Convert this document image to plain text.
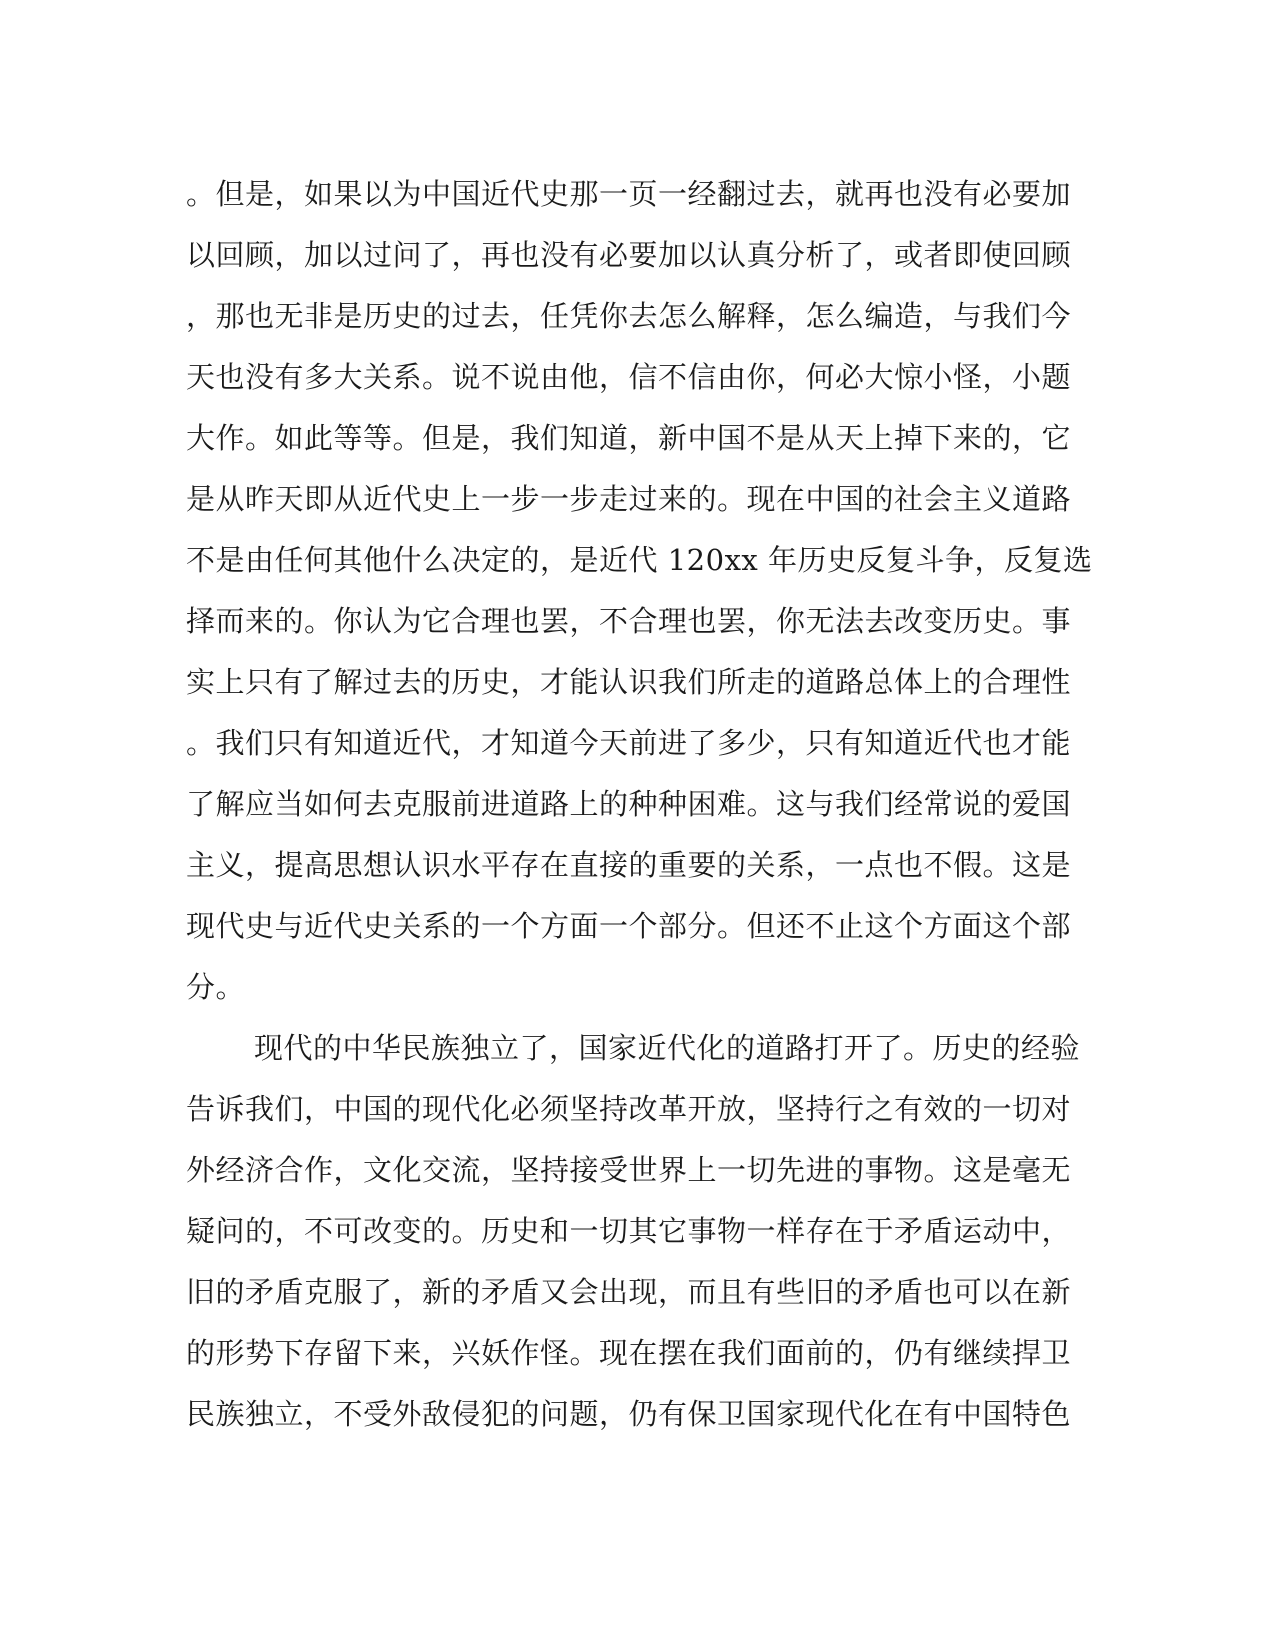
。但是，如果以为中国近代史那一页一经翻过去，就再也没有必要加
以回顾，加以过问了，再也没有必要加以认真分析了，或者即使回顾
，那也无非是历史的过去，任凭你去怎么解释，怎么编造，与我们今
天也没有多大关系。说不说由他，信不信由你，何必大惊小怪，小题
大作。如此等等。但是，我们知道，新中国不是从天上掉下来的，它
是从昨天即从近代史上一步一步走过来的。现在中国的社会主义道路
不是由任何其他什么决定的，是近代 120xx 年历史反复斗争，反复选
择而来的。你认为它合理也罢，不合理也罢，你无法去改变历史。事
实上只有了解过去的历史，才能认识我们所走的道路总体上的合理性
。我们只有知道近代，才知道今天前进了多少，只有知道近代也才能
了解应当如何去克服前进道路上的种种困难。这与我们经常说的爱国
主义，提高思想认识水平存在直接的重要的关系，一点也不假。这是
现代史与近代史关系的一个方面一个部分。但还不止这个方面这个部
分。
现代的中华民族独立了，国家近代化的道路打开了。历史的经验
告诉我们，中国的现代化必须坚持改革开放，坚持行之有效的一切对
外经济合作，文化交流，坚持接受世界上一切先进的事物。这是毫无
疑问的，不可改变的。历史和一切其它事物一样存在于矛盾运动中，
旧的矛盾克服了，新的矛盾又会出现，而且有些旧的矛盾也可以在新
的形势下存留下来，兴妖作怪。现在摆在我们面前的，仍有继续捍卫
民族独立，不受外敌侵犯的问题，仍有保卫国家现代化在有中国特色
